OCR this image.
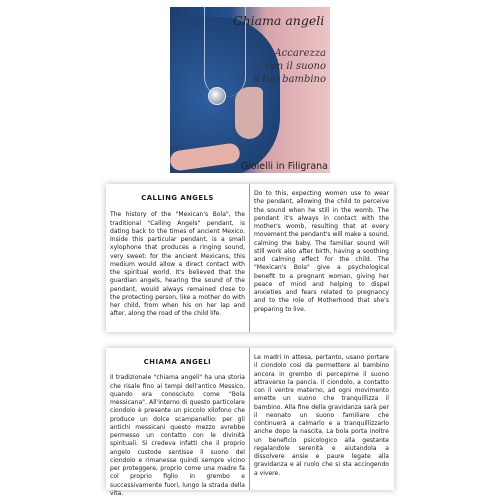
Chiama angeli
Accarezza
con il suono
il tuo bambino
Gioielli in Filigrana
CALLING ANGELS

The history of the "Mexican's Bola", the traditional "Calling Angels" pendant, is dating back to the times of ancient Mexico. Inside this particular pendant, is a small xylophone that produces a ringing sound, very sweet: for the ancient Mexicans, this medium would allow a direct contact with the spiritual world. It's believed that the guardian angels, hearing the sound of the pendant, would always remained close to the protecting person, like a mother do with her child, from when his on her lap and after, along the road of the child life.

Do to this, expecting women use to wear the pendant, allowing the child to perceive the sound when he still in the womb. The pendant it's always in contact with the mother's womb, resulting that at every movement the pendant's will make a sound, calming the baby. The familiar sound will still work also after birth, having a soothing and calming effect for the child. The "Mexican's Bola" give a psychological benefit to a pregnant woman, giving her peace of mind and helping to dispel anxieties and fears related to pregnancy and to the role of Motherhood that she's preparing to live.

CHIAMA ANGELI

Il tradizionale "chiama angeli" ha una storia che risale fino ai tempi dell'antico Messico, quando era conosciuto come "Bola messicana". All'interno di questo particolare ciondolo è presente un piccolo xilofono che produce un dolce scampanellio: per gli antichi messicani questo mezzo avrebbe permesso un contatto con le divinità spirituali. Si credeva infatti che il proprio angelo custode sentisse il suono del ciondolo e rimanesse quindi sempre vicino per proteggere, proprio come una madre fa col proprio figlio in grembo e successivamente fuori, lungo la strada della vita.

Le madri in attesa, pertanto, usano portare il ciondolo così da permettere al bambino ancora in grembo di percepirne il suono attraverso la pancia. Il ciondolo, a contatto con il ventre materno, ad ogni movimento emette un suono che tranquillizza il bambino. Alla fine della gravidanza sarà per il neonato un suono familiare che continuerà a calmarlo e a tranquillizzarlo anche dopo la nascita. La bola porta inoltre un beneficio psicologico alla gestante regalandole serenità e aiutandola a dissolvere ansie e paure legate alla gravidanza e al ruolo che si sta accingendo a vivere.
